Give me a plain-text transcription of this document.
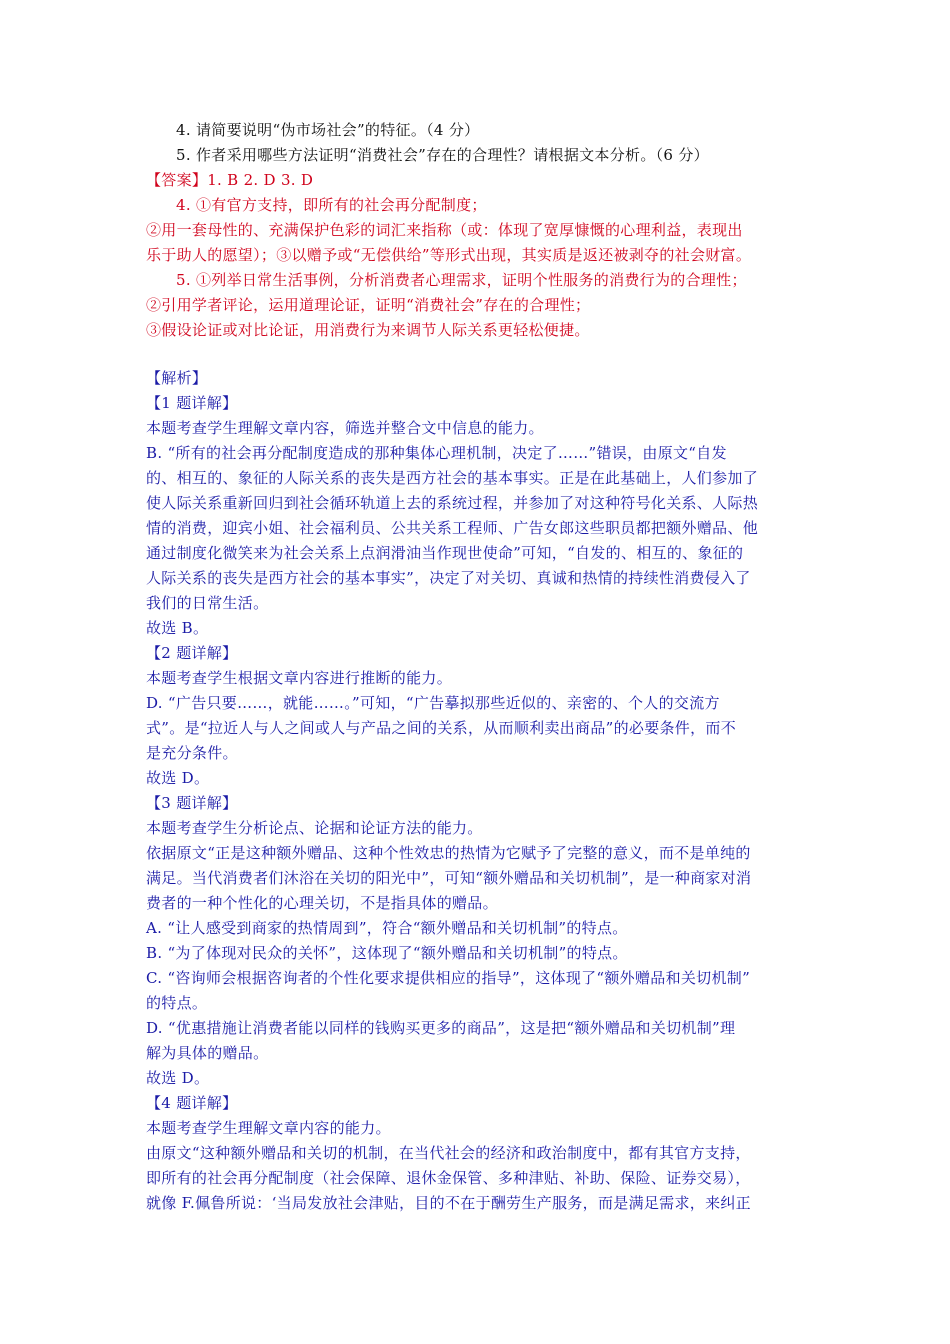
4. 请简要说明“伪市场社会”的特征。（4 分）
5. 作者采用哪些方法证明“消费社会”存在的合理性？请根据文本分析。（6 分）
【答案】1. B 2. D 3. D
4. ①有官方支持，即所有的社会再分配制度；
②用一套母性的、充满保护色彩的词汇来指称（或：体现了宽厚慷慨的心理利益，表现出
乐于助人的愿望）；③以赠予或“无偿供给”等形式出现，其实质是返还被剥夺的社会财富。
5. ①列举日常生活事例，分析消费者心理需求，证明个性服务的消费行为的合理性；
②引用学者评论，运用道理论证，证明“消费社会”存在的合理性；
③假设论证或对比论证，用消费行为来调节人际关系更轻松便捷。
【解析】
【1 题详解】
本题考查学生理解文章内容，筛选并整合文中信息的能力。
B. “所有的社会再分配制度造成的那种集体心理机制，决定了……”错误，由原文“自发
的、相互的、象征的人际关系的丧失是西方社会的基本事实。正是在此基础上，人们参加了
使人际关系重新回归到社会循环轨道上去的系统过程，并参加了对这种符号化关系、人际热
情的消费，迎宾小姐、社会福利员、公共关系工程师、广告女郎这些职员都把额外赠品、他
通过制度化微笑来为社会关系上点润滑油当作现世使命”可知，“自发的、相互的、象征的
人际关系的丧失是西方社会的基本事实”，决定了对关切、真诚和热情的持续性消费侵入了
我们的日常生活。
故选 B。
【2 题详解】
本题考查学生根据文章内容进行推断的能力。
D. “广告只要……，就能……。”可知，“广告摹拟那些近似的、亲密的、个人的交流方
式”。是“拉近人与人之间或人与产品之间的关系，从而顺利卖出商品”的必要条件，而不
是充分条件。
故选 D。
【3 题详解】
本题考查学生分析论点、论据和论证方法的能力。
依据原文“正是这种额外赠品、这种个性效忠的热情为它赋予了完整的意义，而不是单纯的
满足。当代消费者们沐浴在关切的阳光中”，可知“额外赠品和关切机制”，是一种商家对消
费者的一种个性化的心理关切，不是指具体的赠品。
A. “让人感受到商家的热情周到”，符合“额外赠品和关切机制”的特点。
B. “为了体现对民众的关怀”，这体现了“额外赠品和关切机制”的特点。
C. “咨询师会根据咨询者的个性化要求提供相应的指导”，这体现了“额外赠品和关切机制”
的特点。
D. “优惠措施让消费者能以同样的钱购买更多的商品”，这是把“额外赠品和关切机制”理
解为具体的赠品。
故选 D。
【4 题详解】
本题考查学生理解文章内容的能力。
由原文“这种额外赠品和关切的机制，在当代社会的经济和政治制度中，都有其官方支持，
即所有的社会再分配制度（社会保障、退休金保管、多种津贴、补助、保险、证券交易），
就像 F.佩鲁所说：‘当局发放社会津贴，目的不在于酬劳生产服务，而是满足需求，来纠正
